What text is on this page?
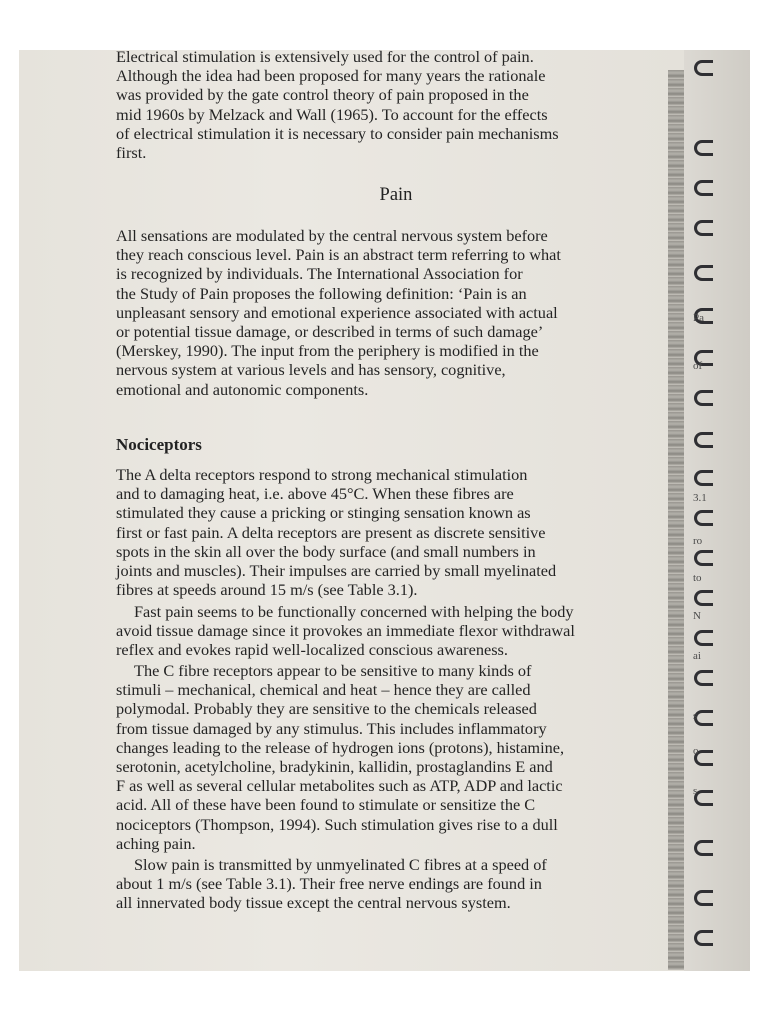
Electrical stimulation is extensively used for the control of pain.
Although the idea had been proposed for many years the rationale
was provided by the gate control theory of pain proposed in the
mid 1960s by Melzack and Wall (1965). To account for the effects
of electrical stimulation it is necessary to consider pain mechanisms
first.
Pain
All sensations are modulated by the central nervous system before
they reach conscious level. Pain is an abstract term referring to what
is recognized by individuals. The International Association for
the Study of Pain proposes the following definition: ‘Pain is an
unpleasant sensory and emotional experience associated with actual
or potential tissue damage, or described in terms of such damage’
(Merskey, 1990). The input from the periphery is modified in the
nervous system at various levels and has sensory, cognitive,
emotional and autonomic components.
Nociceptors
The A delta receptors respond to strong mechanical stimulation
and to damaging heat, i.e. above 45°C. When these fibres are
stimulated they cause a pricking or stinging sensation known as
first or fast pain. A delta receptors are present as discrete sensitive
spots in the skin all over the body surface (and small numbers in
joints and muscles). Their impulses are carried by small myelinated
fibres at speeds around 15 m/s (see Table 3.1).
Fast pain seems to be functionally concerned with helping the body
avoid tissue damage since it provokes an immediate flexor withdrawal
reflex and evokes rapid well-localized conscious awareness.
The C fibre receptors appear to be sensitive to many kinds of
stimuli – mechanical, chemical and heat – hence they are called
polymodal. Probably they are sensitive to the chemicals released
from tissue damaged by any stimulus. This includes inflammatory
changes leading to the release of hydrogen ions (protons), histamine,
serotonin, acetylcholine, bradykinin, kallidin, prostaglandins E and
F as well as several cellular metabolites such as ATP, ADP and lactic
acid. All of these have been found to stimulate or sensitize the C
nociceptors (Thompson, 1994). Such stimulation gives rise to a dull
aching pain.
Slow pain is transmitted by unmyelinated C fibres at a speed of
about 1 m/s (see Table 3.1). Their free nerve endings are found in
all innervated body tissue except the central nervous system.
Pa
of
3.1
ro
to
N
ai
s
o
s
